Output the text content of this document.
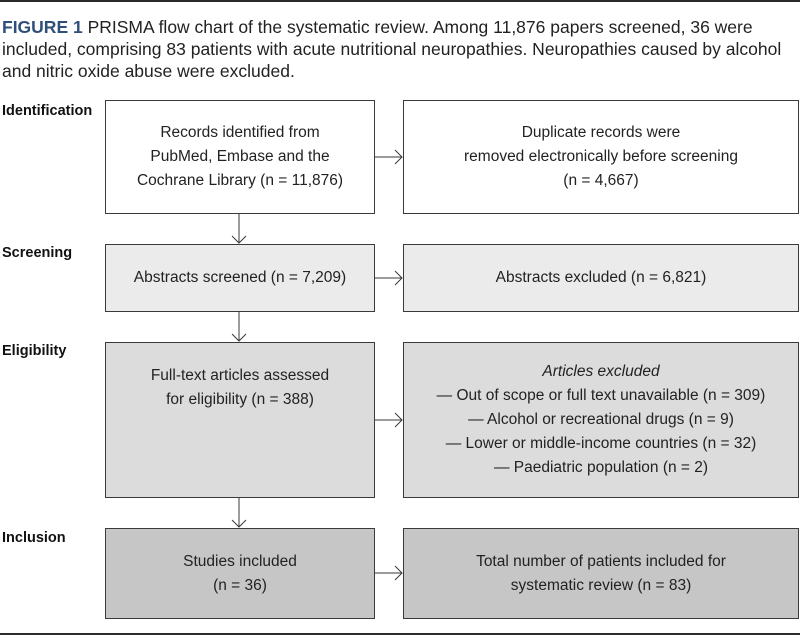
FIGURE 1 PRISMA flow chart of the systematic review. Among 11,876 papers screened, 36 were included, comprising 83 patients with acute nutritional neuropathies. Neuropathies caused by alcohol and nitric oxide abuse were excluded.
Identification
Screening
Eligibility
Inclusion
Records identified from
PubMed, Embase and the
Cochrane Library (n = 11,876)
Duplicate records were
removed electronically before screening
(n = 4,667)
Abstracts screened (n = 7,209)	Abstracts excluded (n = 6,821)
Full-text articles assessed
for eligibility (n = 388)
Articles excluded
— Out of scope or full text unavailable (n = 309)
— Alcohol or recreational drugs (n = 9)
— Lower or middle-income countries (n = 32)
— Paediatric population (n = 2)
Studies included
(n = 36)
Total number of patients included for
systematic review (n = 83)
